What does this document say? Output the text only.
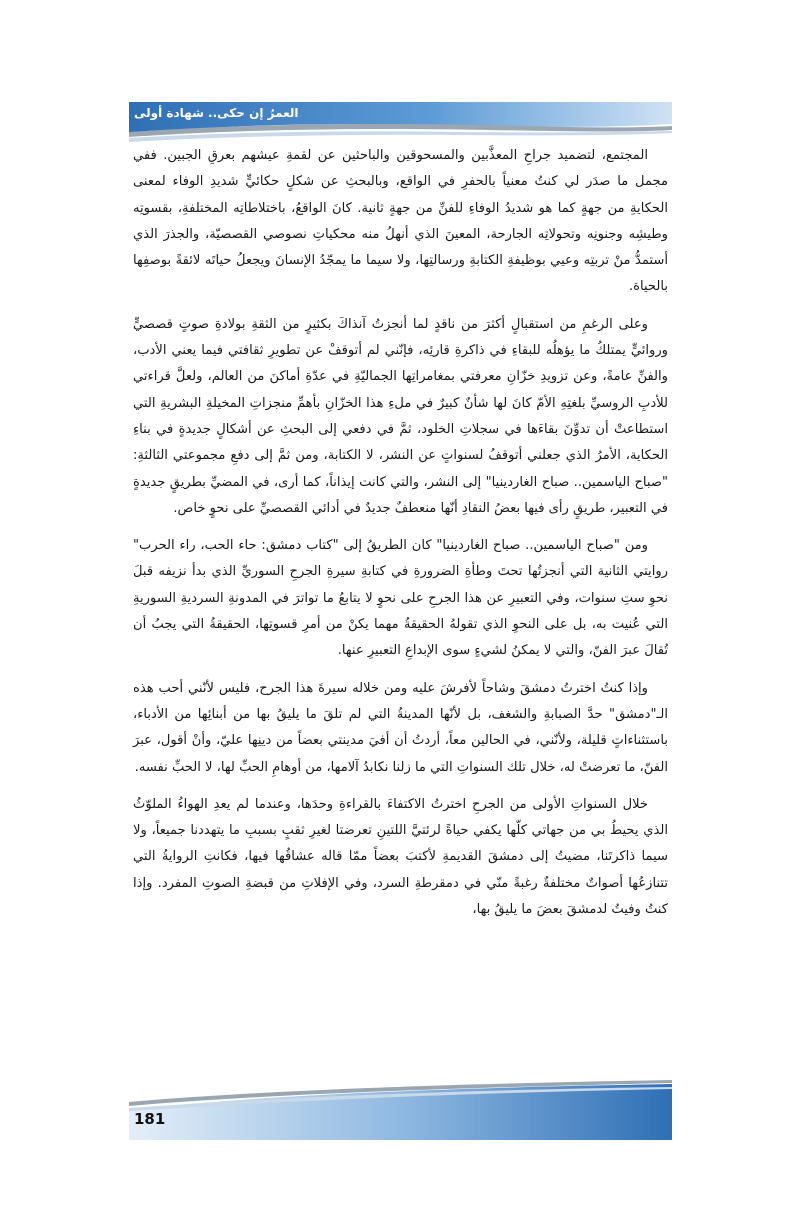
العمرُ إن حكى.. شهادة أولى

المجتمع، لتضميد جراحِ المعذَّبين والمسحوقين والباحثين عن لقمةِ عيشهم بعرقِ الجبين. ففي مجمل ما صدَر لي كنتُ معنياً بالحفرِ في الواقع، وبالبحثِ عن شكلٍ حكائيٍّ شديدِ الوفاء لمعنى الحكايةِ من جهةٍ كما هو شديدُ الوفاءِ للفنِّ من جهةٍ ثانية. كانَ الواقعُ، باختلاطاتِه المختلفةِ، بقسوتِه وطيشِه وجنونِه وتحولاتِه الجارحة، المعينَ الذي أنهلُ منه محكياتِ نصوصي القصصيّة، والجذرَ الذي أستمدُّ منْ تربتِه وعيي بوظيفةِ الكتابةِ ورسالتِها، ولا سيما ما يمجّدُ الإنسانَ ويجعلُ حياتَه لائقةً بوصفِها بالحياة.

وعلى الرغمِ من استقبالٍ أكثرَ من ناقدٍ لما أنجزتُ آنذاكَ بكثيرٍ من الثقةِ بولادةِ صوتٍ قصصيٍّ وروائيٍّ يمتلكُ ما يؤهلُه للبقاءِ في ذاكرةِ قارئِه، فإنّني لم أتوقفْ عن تطويرِ ثقافتي فيما يعني الأدب، والفنِّ عامةً، وعن تزويدِ خزّانِ معرفتي بمغامراتِها الجماليّةِ في عدّةِ أماكنَ من العالم، ولعلَّ قراءتي للأدبِ الروسيِّ بلغتِهِ الأمّ كانَ لها شأنٌ كبيرٌ في ملءِ هذا الخزّانِ بأهمِّ منجزاتِ المخيلةِ البشريةِ التي استطاعتْ أن تدوِّنَ بقاءَها في سجلاتِ الخلود، ثمَّ في دفعي إلى البحثِ عن أشكالٍ جديدةٍ في بناءِ الحكاية، الأمرُ الذي جعلني أتوقفُ لسنواتٍ عن النشر، لا الكتابة، ومن ثمَّ إلى دفعِ مجموعتي الثالثةِ: "صباح الياسمين.. صباح الغاردينيا" إلى النشر، والتي كانت إيذاناً، كما أرى، في المضيِّ بطريقٍ جديدةٍ في التعبير، طريقٍ رأى فيها بعضُ النقادِ أنّها منعطفٌ جديدٌ في أدائي القصصيِّ على نحوٍ خاص.

ومن "صباح الياسمين.. صباح الغاردينيا" كان الطريقُ إلى "كتاب دمشق: حاء الحب، راء الحرب" روايتي الثانية التي أنجزتُها تحتَ وطأةِ الضرورةِ في كتابةِ سيرةِ الجرحِ السوريِّ الذي بدأ نزيفه قبلَ نحوِ ستِ سنوات، وفي التعبيرِ عن هذا الجرحِ على نحوٍ لا يتابعُ ما تواترَ في المدونةِ السرديةِ السوريةِ التي عُنيت به، بل على النحوِ الذي تقولهُ الحقيقةُ مهما يكنْ من أمرِ قسوتِها، الحقيقةُ التي يجبُ أن تُقالَ عبرَ الفنّ، والتي لا يمكنُ لشيءٍ سوى الإبداعِ التعبيرِ عنها.

وإذا كنتُ اخترتُ دمشقَ وشاحاً لأفرشَ عليه ومن خلاله سيرةَ هذا الجرح، فليس لأنّني أحب هذه الـ"دمشق" حدَّ الصبابةِ والشغف، بل لأنّها المدينةُ التي لم تلقَ ما يليقُ بها من أبنائِها من الأدباء، باستثناءاتٍ قليلة، ولأنّني، في الحالين معاً، أردتُ أن أفيَ مدينتي بعضاً من دينِها عليّ، وأنْ أقول، عبرَ الفنّ، ما تعرضتْ له، خلال تلك السنواتِ التي ما زلنا نكابدُ آلامها، من أوهامِ الحبِّ لها، لا الحبِّ نفسه.

خلال السنواتِ الأولى من الجرحِ اخترتُ الاكتفاءَ بالقراءةِ وحدَها، وعندما لم يعدِ الهواءُ الملوّثُ الذي يحيطُ بي من جهاتي كلّها يكفي حياةً لرئتيَّ اللتينِ تعرضتا لغيرِ ثقبٍ بسببِ ما يتهددنا جميعاً، ولا سيما ذاكرتَنا، مضيتُ إلى دمشقَ القديمةِ لأكتبَ بعضاً ممّا قاله عشاقُها فيها، فكانتِ الروايةُ التي تتنازعُها أصواتٌ مختلفةٌ رغبةً منّي في دمقرطةِ السرد، وفي الإفلاتِ من قبضةِ الصوتِ المفرد. وإذا كنتُ وفيتُ لدمشقَ بعضَ ما يليقُ بها،

181
